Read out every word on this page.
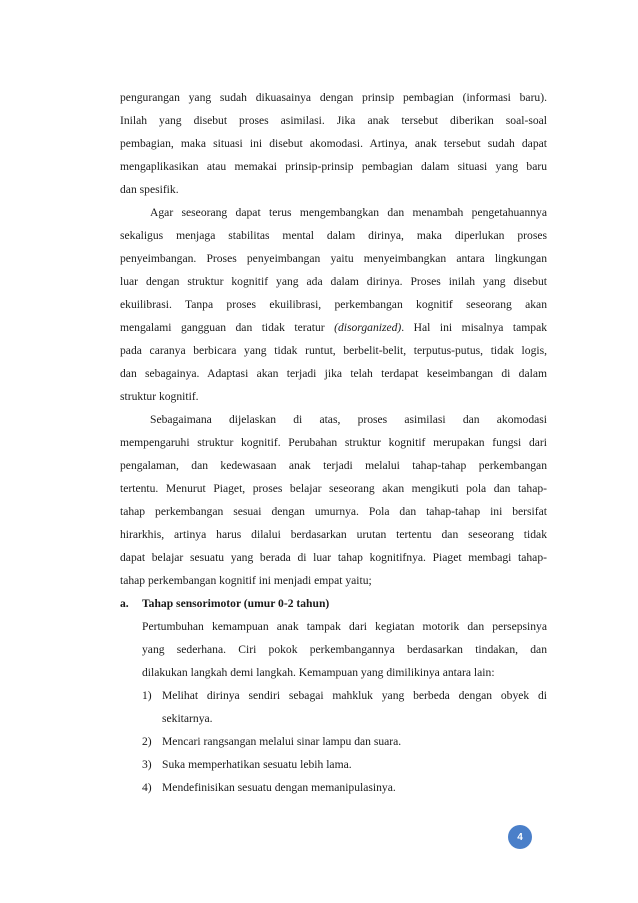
pengurangan yang sudah dikuasainya dengan prinsip pembagian (informasi baru).

Inilah yang disebut proses asimilasi. Jika anak tersebut diberikan soal-soal

pembagian, maka situasi ini disebut akomodasi. Artinya, anak tersebut sudah dapat

mengaplikasikan atau memakai prinsip-prinsip pembagian dalam situasi yang baru

dan spesifik.

Agar seseorang dapat terus mengembangkan dan menambah pengetahuannya

sekaligus menjaga stabilitas mental dalam dirinya, maka diperlukan proses

penyeimbangan. Proses penyeimbangan yaitu menyeimbangkan antara lingkungan

luar dengan struktur kognitif yang ada dalam dirinya. Proses inilah yang disebut

ekuilibrasi. Tanpa proses ekuilibrasi, perkembangan kognitif seseorang akan

mengalami gangguan dan tidak teratur (disorganized). Hal ini misalnya tampak

pada caranya berbicara yang tidak runtut, berbelit-belit, terputus-putus, tidak logis,

dan sebagainya. Adaptasi akan terjadi jika telah terdapat keseimbangan di dalam

struktur kognitif.

Sebagaimana dijelaskan di atas, proses asimilasi dan akomodasi

mempengaruhi struktur kognitif. Perubahan struktur kognitif merupakan fungsi dari

pengalaman, dan kedewasaan anak terjadi melalui tahap-tahap perkembangan

tertentu. Menurut Piaget, proses belajar seseorang akan mengikuti pola dan tahap-

tahap perkembangan sesuai dengan umurnya. Pola dan tahap-tahap ini bersifat

hirarkhis, artinya harus dilalui berdasarkan urutan tertentu dan seseorang tidak

dapat belajar sesuatu yang berada di luar tahap kognitifnya. Piaget membagi tahap-

tahap perkembangan kognitif ini menjadi empat yaitu;

a.	Tahap sensorimotor (umur 0-2 tahun)

Pertumbuhan kemampuan anak tampak dari kegiatan motorik dan persepsinya

yang sederhana. Ciri pokok perkembangannya berdasarkan tindakan, dan

dilakukan langkah demi langkah. Kemampuan yang dimilikinya antara lain:

1) Melihat dirinya sendiri sebagai mahkluk yang berbeda dengan obyek di

sekitarnya.

2) Mencari rangsangan melalui sinar lampu dan suara.
3) Suka memperhatikan sesuatu lebih lama.
4) Mendefinisikan sesuatu dengan memanipulasinya.
4
